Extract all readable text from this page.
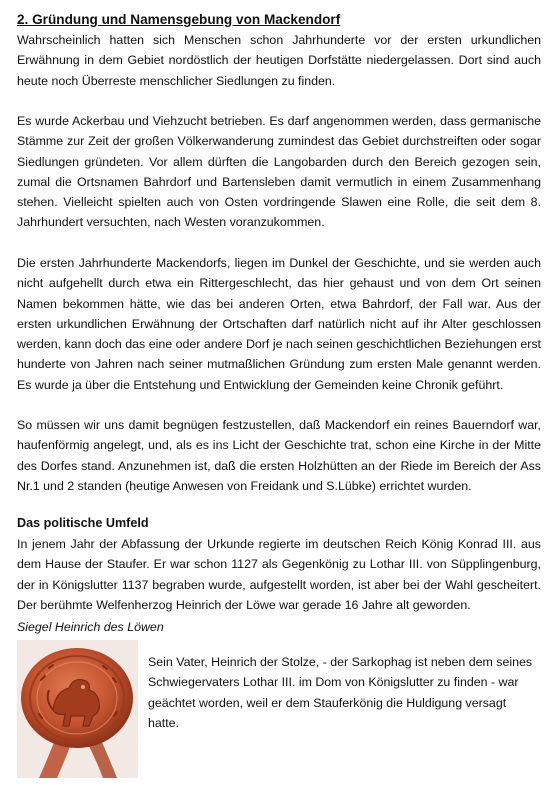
2. Gründung und Namensgebung von Mackendorf

Wahrscheinlich hatten sich Menschen schon Jahrhunderte vor der ersten urkundlichen Erwähnung in dem Gebiet nordöstlich der heutigen Dorfstätte niedergelassen. Dort sind auch heute noch Überreste menschlicher Siedlungen zu finden.

Es wurde Ackerbau und Viehzucht betrieben. Es darf angenommen werden, dass germanische Stämme zur Zeit der großen Völkerwanderung zumindest das Gebiet durchstreiften oder sogar Siedlungen gründeten. Vor allem dürften die Langobarden durch den Bereich gezogen sein, zumal die Ortsnamen Bahrdorf und Bartensleben damit vermutlich in einem Zusammenhang stehen. Vielleicht spielten auch von Osten vordringende Slawen eine Rolle, die seit dem 8. Jahrhundert versuchten, nach Westen voranzukommen.

Die ersten Jahrhunderte Mackendorfs, liegen im Dunkel der Geschichte, und sie werden auch nicht aufgehellt durch etwa ein Rittergeschlecht, das hier gehaust und von dem Ort seinen Namen bekommen hätte, wie das bei anderen Orten, etwa Bahrdorf, der Fall war. Aus der ersten urkundlichen Erwähnung der Ortschaften darf natürlich nicht auf ihr Alter geschlossen werden, kann doch das eine oder andere Dorf je nach seinen geschichtlichen Beziehungen erst hunderte von Jahren nach seiner mutmaßlichen Gründung zum ersten Male genannt werden. Es wurde ja über die Entstehung und Entwicklung der Gemeinden keine Chronik geführt.

So müssen wir uns damit begnügen festzustellen, daß Mackendorf ein reines Bauerndorf war, haufenförmig angelegt, und, als es ins Licht der Geschichte trat, schon eine Kirche in der Mitte des Dorfes stand. Anzunehmen ist, daß die ersten Holzhütten an der Riede im Bereich der Ass Nr.1 und 2 standen (heutige Anwesen von Freidank und S.Lübke) errichtet wurden.

Das politische Umfeld

In jenem Jahr der Abfassung der Urkunde regierte im deutschen Reich König Konrad III. aus dem Hause der Staufer. Er war schon 1127 als Gegenkönig zu Lothar III. von Süpplingenburg, der in Königslutter 1137 begraben wurde, aufgestellt worden, ist aber bei der Wahl gescheitert. Der berühmte Welfenherzog Heinrich der Löwe war gerade 16 Jahre alt geworden.

Siegel Heinrich des Löwen

Sein Vater, Heinrich der Stolze, - der Sarkophag ist neben dem seines Schwiegervaters Lothar III. im Dom von Königslutter zu finden - war geächtet worden, weil er dem Stauferkönig die Huldigung versagt hatte.
